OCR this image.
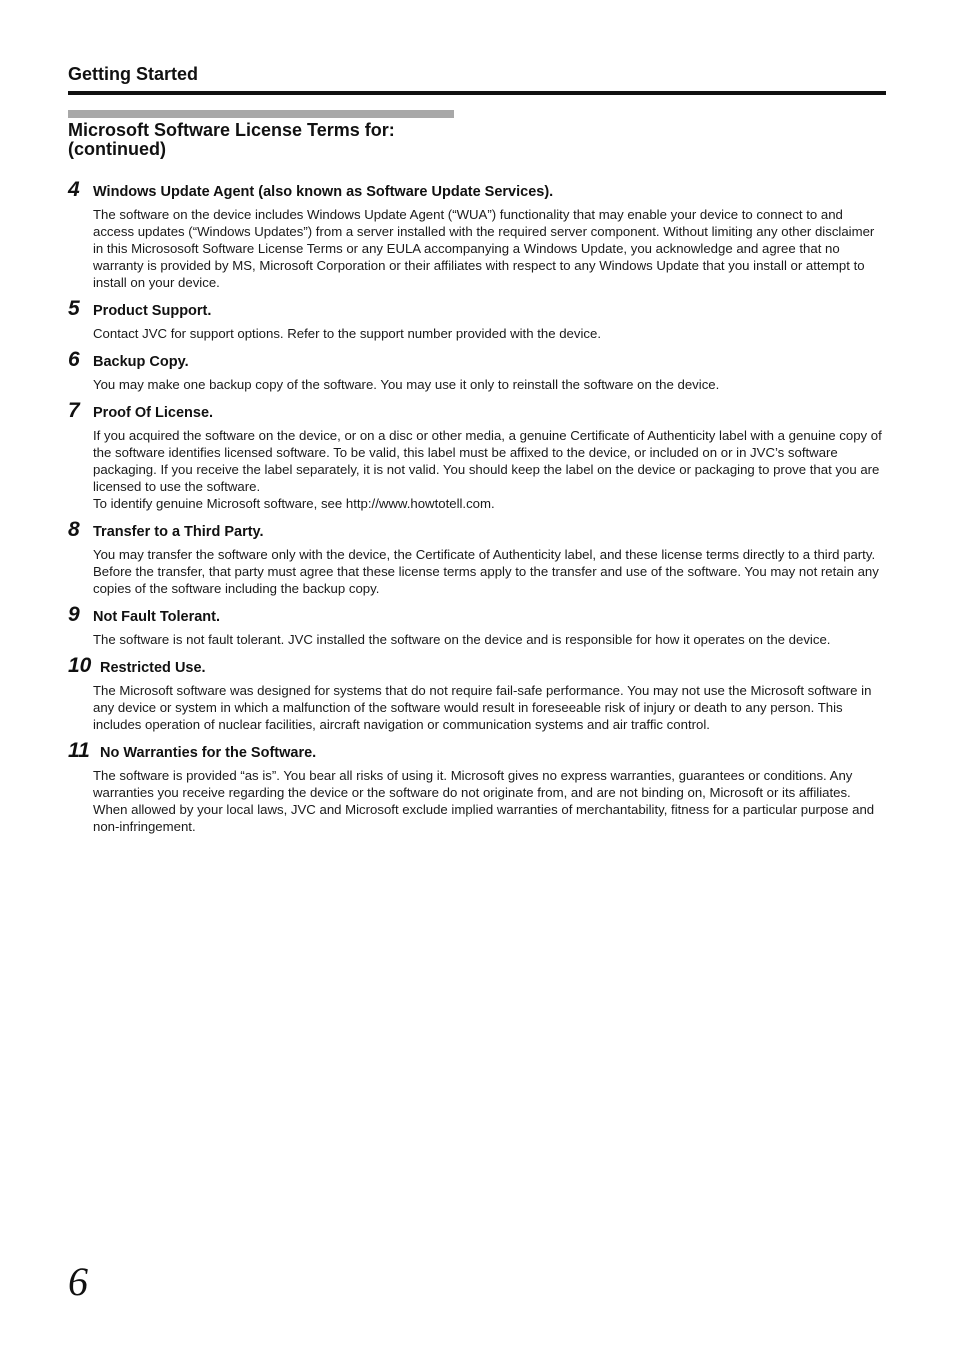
Getting Started
Microsoft Software License Terms for:
(continued)
4 Windows Update Agent (also known as Software Update Services).

The software on the device includes Windows Update Agent (“WUA”) functionality that may enable your device to connect to and access updates (“Windows Updates”) from a server installed with the required server component. Without limiting any other disclaimer in this Micrososoft Software License Terms or any EULA accompanying a Windows Update, you acknowledge and agree that no warranty is provided by MS, Microsoft Corporation or their affiliates with respect to any Windows Update that you install or attempt to install on your device.

5 Product Support.

Contact JVC for support options. Refer to the support number provided with the device.

6 Backup Copy.

You may make one backup copy of the software. You may use it only to reinstall the software on the device.

7 Proof Of License.

If you acquired the software on the device, or on a disc or other media, a genuine Certificate of Authenticity label with a genuine copy of the software identifies licensed software. To be valid, this label must be affixed to the device, or included on or in JVC’s software packaging. If you receive the label separately, it is not valid. You should keep the label on the device or packaging to prove that you are licensed to use the software.

To identify genuine Microsoft software, see http://www.howtotell.com.

8 Transfer to a Third Party.

You may transfer the software only with the device, the Certificate of Authenticity label, and these license terms directly to a third party. Before the transfer, that party must agree that these license terms apply to the transfer and use of the software. You may not retain any copies of the software including the backup copy.

9 Not Fault Tolerant.

The software is not fault tolerant. JVC installed the software on the device and is responsible for how it operates on the device.

10 Restricted Use.

The Microsoft software was designed for systems that do not require fail-safe performance. You may not use the Microsoft software in any device or system in which a malfunction of the software would result in foreseeable risk of injury or death to any person. This includes operation of nuclear facilities, aircraft navigation or communication systems and air traffic control.

11 No Warranties for the Software.

The software is provided “as is”. You bear all risks of using it. Microsoft gives no express warranties, guarantees or conditions. Any warranties you receive regarding the device or the software do not originate from, and are not binding on, Microsoft or its affiliates. When allowed by your local laws, JVC and Microsoft exclude implied warranties of merchantability, fitness for a particular purpose and non-infringement.

6
